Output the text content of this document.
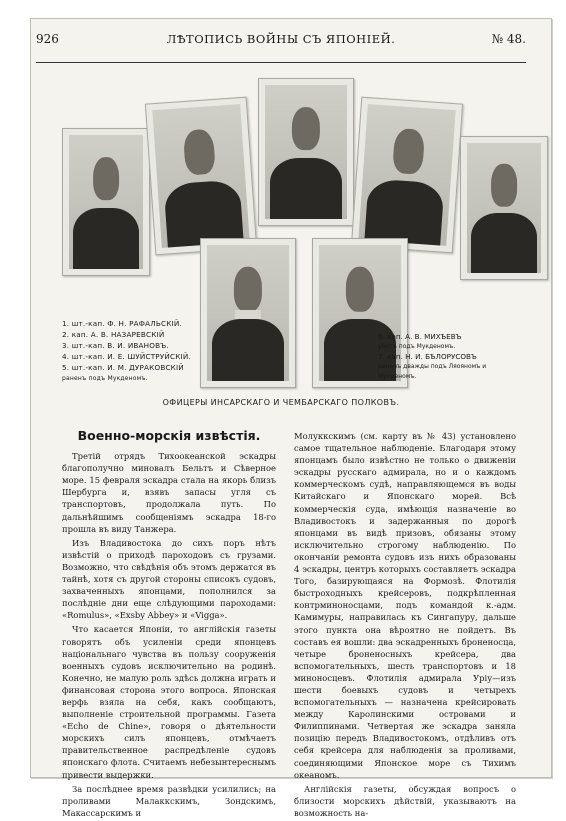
926	ЛѢТОПИСЬ ВОЙНЫ СЪ ЯПОНІЕЙ.	№ 48.
1. шт.-кап. Ф. Н. РАФАЛЬСКІЙ.
2. кап. А. В. НАЗАРЕВСКІЙ
3. шт.-кап. В. И. ИВАНОВЪ.
4. шт.-кап. И. Е. ШУЙСТРУЙСКІЙ.
5. шт.-кап. И. М. ДУРАКОВСКІЙ
раненъ подъ Мукденомъ.
6. кап. А. В. МИХѢЕВЪ
убитъ подъ Мукденомъ.
7. кап. Н. И. БѢЛОРУСОВЪ
раненъ дважды подъ Ляояномъ и Мукденомъ.
ОФИЦЕРЫ ИНСАРСКАГО И ЧЕМБАРСКАГО ПОЛКОВЪ.
Военно-морскія извѣстія.

Третій отрядъ Тихоокеанской эскадры благополучно миновалъ Бельтъ и Сѣверное море. 15 февраля эскадра стала на якорь близъ Шербурга и, взявъ запасы угля съ транспортовъ, продолжала путь. По дальнѣйшимъ сообщеніямъ эскадра 18-го прошла въ виду Танжера.

Изъ Владивостока до сихъ поръ нѣтъ извѣстій о приходѣ пароходовъ съ грузами. Возможно, что свѣдѣнія объ этомъ держатся въ тайнѣ, хотя съ другой стороны списокъ судовъ, захваченныхъ японцами, пополнился за послѣдніе дни еще слѣдующими пароходами: «Romulus», «Exsby Abbey» и «Vigga».

Что касается Японіи, то англійскія газеты говорятъ объ усиленіи среди японцевъ національнаго чувства въ пользу сооруженія военныхъ судовъ исключительно на родинѣ. Конечно, не малую роль здѣсь должна играть и финансовая сторона этого вопроса. Японская верфь взяла на себя, какъ сообщаютъ, выполненіе строительной программы. Газета «Echo de Chine», говоря о дѣятельности морскихъ силъ японцевъ, отмѣчаетъ правительственное распредѣленіе судовъ японскаго флота. Считаемъ небезынтереснымъ привести выдержки.

За послѣднее время развѣдки усилились; на проливами Малаккскимъ, Зондскимъ, Макассарскимъ и

Молуккскимъ (см. карту въ № 43) установлено самое тщательное наблюденіе. Благодаря этому японцамъ было извѣстно не только о движеніи эскадры русскаго адмирала, но и о каждомъ коммерческомъ судѣ, направляющемся въ воды Китайскаго и Японскаго морей. Всѣ коммерческія суда, имѣющія назначеніе во Владивостокъ и задержанныя по дорогѣ японцами въ видѣ призовъ, обязаны этому исключительно строгому наблюденію. По окончаніи ремонта судовъ изъ нихъ образованы 4 эскадры, центръ которыхъ составляетъ эскадра Того, базирующаяся на Формозѣ. Флотилія быстроходныхъ крейсеровъ, подкрѣпленная контрминоносцами, подъ командой к.-адм. Камимуры, направилась къ Сингапуру, дальше этого пункта она вѣроятно не пойдетъ. Въ составъ ея вошли: два эскадренныхъ броненосца, четыре броненосныхъ крейсера, два вспомогательныхъ, шесть транспортовъ и 18 миноносцевъ. Флотилія адмирала Уріу—изъ шести боевыхъ судовъ и четырехъ вспомогательныхъ — назначена крейсировать между Каролинскими островами и Филиппинами. Четвертая же эскадра заняла позицію передъ Владивостокомъ, отдѣливъ отъ себя крейсера для наблюденія за проливами, соединяющими Японское море съ Тихимъ океаномъ.

Англійскія газеты, обсуждая вопросъ о близости морскихъ дѣйствій, указываютъ на возможность на-
